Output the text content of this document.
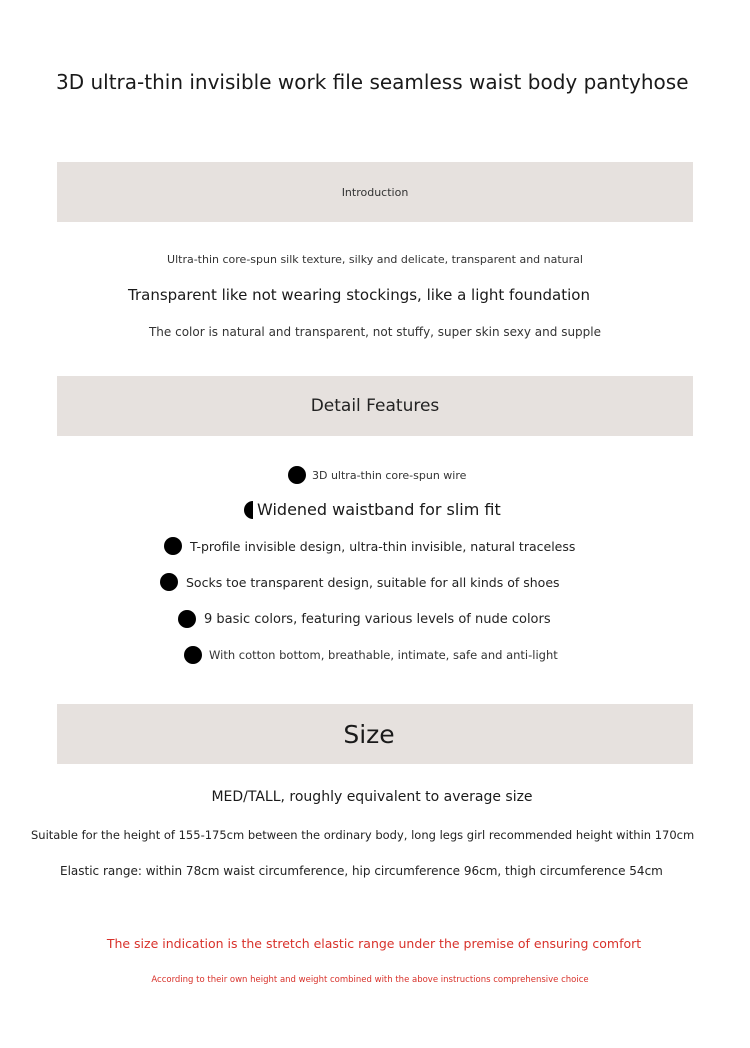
3D ultra-thin invisible work file seamless waist body pantyhose
Introduction
Ultra-thin core-spun silk texture, silky and delicate, transparent and natural
Transparent like not wearing stockings, like a light foundation
The color is natural and transparent, not stuffy, super skin sexy and supple
Detail Features
3D ultra-thin core-spun wire
Widened waistband for slim fit
T-profile invisible design, ultra-thin invisible, natural traceless
Socks toe transparent design, suitable for all kinds of shoes
9 basic colors, featuring various levels of nude colors
With cotton bottom, breathable, intimate, safe and anti-light
Size
MED/TALL, roughly equivalent to average size
Suitable for the height of 155-175cm between the ordinary body, long legs girl recommended height within 170cm
Elastic range: within 78cm waist circumference, hip circumference 96cm, thigh circumference 54cm
The size indication is the stretch elastic range under the premise of ensuring comfort
According to their own height and weight combined with the above instructions comprehensive choice
